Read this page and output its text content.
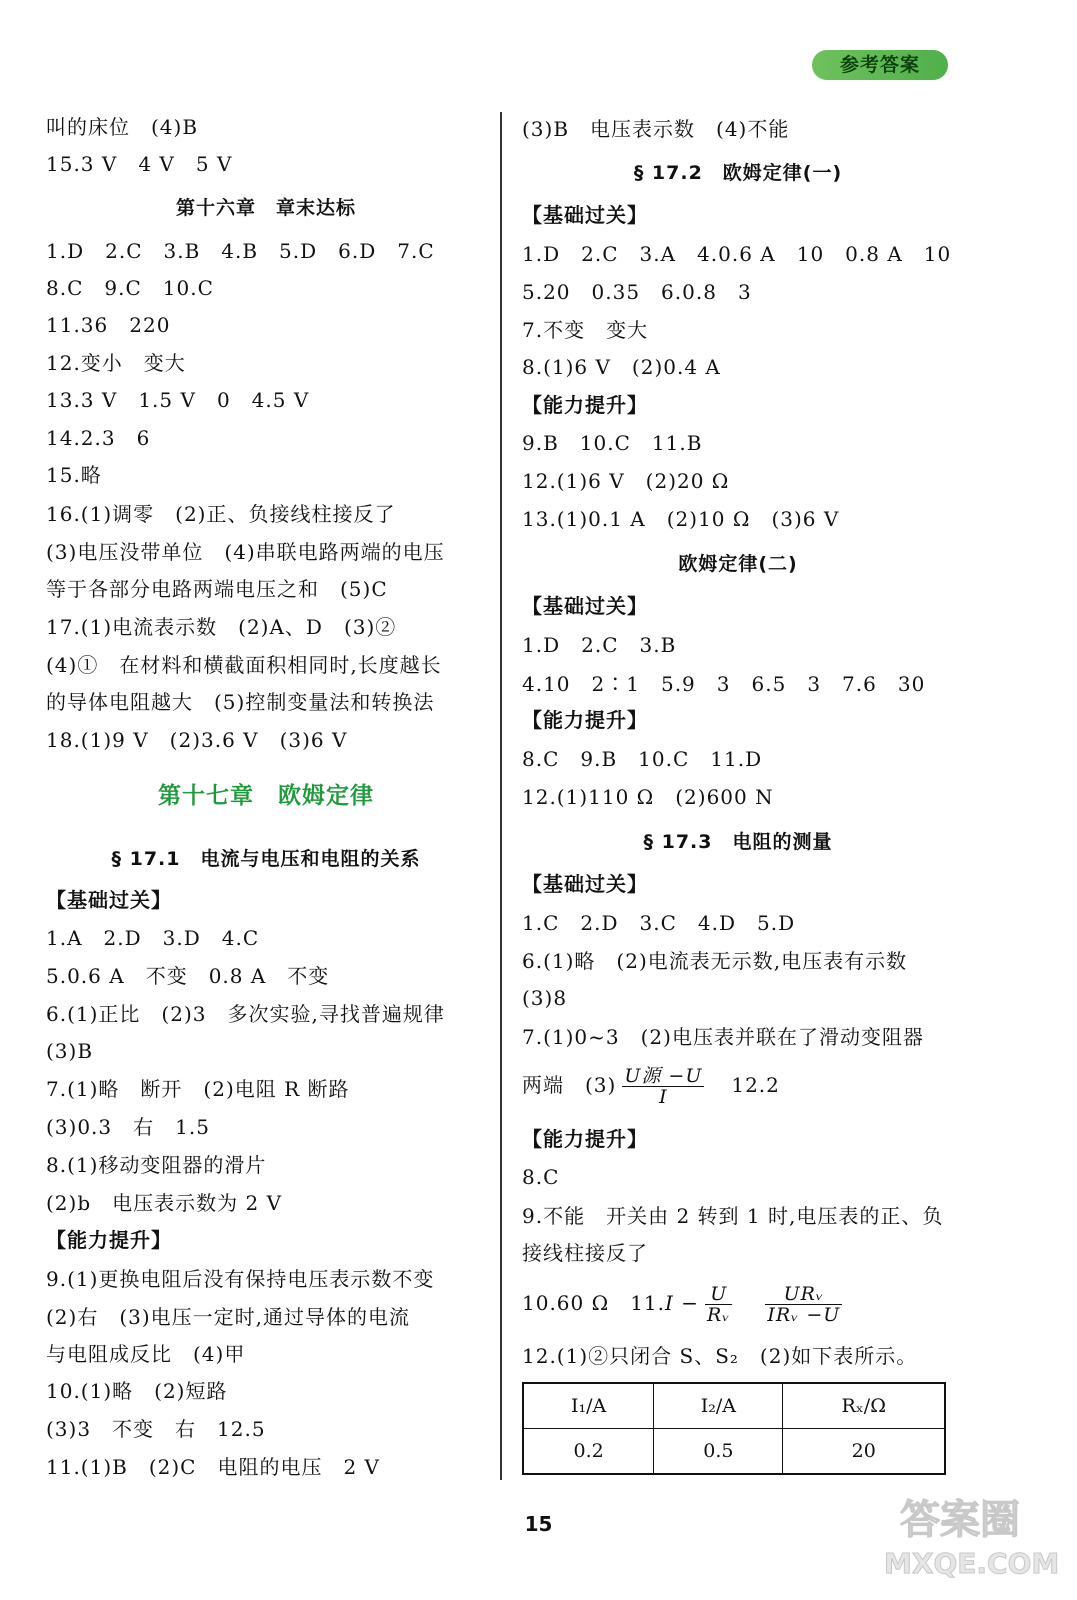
参考答案
叫的床位　(4)B
15.3 V　4 V　5 V
第十六章　章末达标
1.D　2.C　3.B　4.B　5.D　6.D　7.C
8.C　9.C　10.C
11.36　220
12.变小　变大
13.3 V　1.5 V　0　4.5 V
14.2.3　6
15.略
16.(1)调零　(2)正、负接线柱接反了
(3)电压没带单位　(4)串联电路两端的电压
等于各部分电路两端电压之和　(5)C
17.(1)电流表示数　(2)A、D　(3)②
(4)①　在材料和横截面积相同时,长度越长
的导体电阻越大　(5)控制变量法和转换法
18.(1)9 V　(2)3.6 V　(3)6 V
第十七章　欧姆定律
§ 17.1　电流与电压和电阻的关系
【基础过关】
1.A　2.D　3.D　4.C
5.0.6 A　不变　0.8 A　不变
6.(1)正比　(2)3　多次实验,寻找普遍规律
(3)B
7.(1)略　断开　(2)电阻 R 断路
(3)0.3　右　1.5
8.(1)移动变阻器的滑片
(2)b　电压表示数为 2 V
【能力提升】
9.(1)更换电阻后没有保持电压表示数不变
(2)右　(3)电压一定时,通过导体的电流
与电阻成反比　(4)甲
10.(1)略　(2)短路
(3)3　不变　右　12.5
11.(1)B　(2)C　电阻的电压　2 V
(3)B　电压表示数　(4)不能
§ 17.2　欧姆定律(一)
【基础过关】
1.D　2.C　3.A　4.0.6 A　10　0.8 A　10
5.20　0.35　6.0.8　3
7.不变　变大
8.(1)6 V　(2)0.4 A
【能力提升】
9.B　10.C　11.B
12.(1)6 V　(2)20 Ω
13.(1)0.1 A　(2)10 Ω　(3)6 V
欧姆定律(二)
【基础过关】
1.D　2.C　3.B
4.10　2∶1　5.9　3　6.5　3　7.6　30
【能力提升】
8.C　9.B　10.C　11.D
12.(1)110 Ω　(2)600 N
§ 17.3　电阻的测量
【基础过关】
1.C　2.D　3.C　4.D　5.D
6.(1)略　(2)电流表无示数,电压表有示数
(3)8
7.(1)0~3　(2)电压表并联在了滑动变阻器
两端　$(3) \frac{\text{U源 −U}}{I}$
　 12.2
【能力提升】
8.C
9.不能　开关由 2 转到 1 时,电压表的正、负
接线柱接反了
10.60 Ω　$11.I - \frac{U}{\text{Rᵥ}}$
　 $\frac{\text{URᵥ}}{\text{IRᵥ −U}}$
12.(1)②只闭合 S、S₂　(2)如下表所示。
I₁/A	I₂/A	Rₓ/Ω
0.2	0.5	20
15	答案圈
MXQE.COM
